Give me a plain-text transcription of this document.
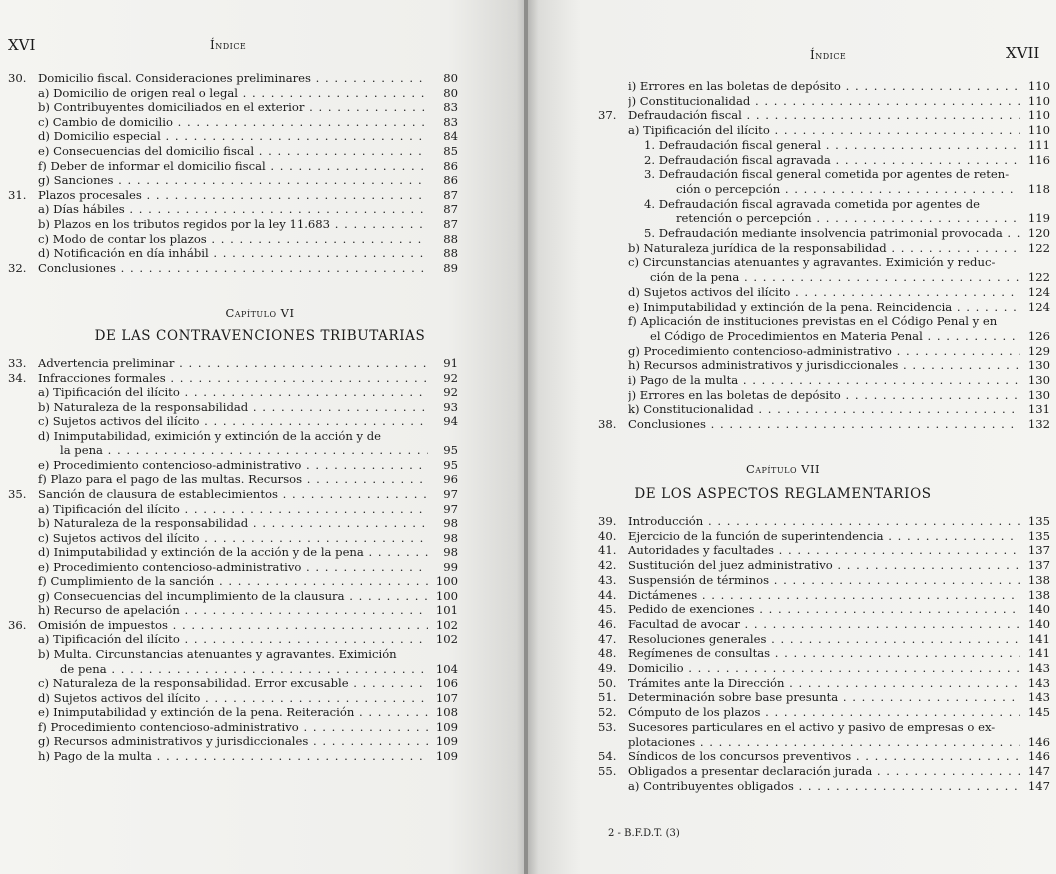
XVI	Índice
30. Domicilio fiscal. Consideraciones preliminares . . .	80
a) Domicilio de origen real o legal . . .	80
b) Contribuyentes domiciliados en el exterior . . .	83
c) Cambio de domicilio . . .	83
d) Domicilio especial . . .	84
e) Consecuencias del domicilio fiscal . . .	85
f) Deber de informar el domicilio fiscal . . .	86
g) Sanciones . . .	86
31. Plazos procesales . . .	87
a) Días hábiles . . .	87
b) Plazos en los tributos regidos por la ley 11.683 . . .	87
c) Modo de contar los plazos . . .	88
d) Notificación en día inhábil . . .	88
32. Conclusiones . . .	89
Capítulo VI
DE LAS CONTRAVENCIONES TRIBUTARIAS
33. Advertencia preliminar . . .	91
34. Infracciones formales . . .	92
a) Tipificación del ilícito . . .	92
b) Naturaleza de la responsabilidad . . .	93
c) Sujetos activos del ilícito . . .	94
d) Inimputabilidad, eximición y extinción de la acción y de
la pena . . .	95
e) Procedimiento contencioso-administrativo . . .	95
f) Plazo para el pago de las multas. Recursos . . .	96
35. Sanción de clausura de establecimientos . . .	97
a) Tipificación del ilícito . . .	97
b) Naturaleza de la responsabilidad . . .	98
c) Sujetos activos del ilícito . . .	98
d) Inimputabilidad y extinción de la acción y de la pena . . .	98
e) Procedimiento contencioso-administrativo . . .	99
f) Cumplimiento de la sanción . . .	100
g) Consecuencias del incumplimiento de la clausura . . .	100
h) Recurso de apelación . . .	101
36. Omisión de impuestos . . .	102
a) Tipificación del ilícito . . .	102
b) Multa. Circunstancias atenuantes y agravantes. Eximición
de pena . . .	104
c) Naturaleza de la responsabilidad. Error excusable . . .	106
d) Sujetos activos del ilícito . . .	107
e) Inimputabilidad y extinción de la pena. Reiteración . . .	108
f) Procedimiento contencioso-administrativo . . .	109
g) Recursos administrativos y jurisdiccionales . . .	109
h) Pago de la multa . . .	109
Índice	XVII
i) Errores en las boletas de depósito . . .	110
j) Constitucionalidad . . .	110
37. Defraudación fiscal . . .	110
a) Tipificación del ilícito . . .	110
1. Defraudación fiscal general . . .	111
2. Defraudación fiscal agravada . . .	116
3. Defraudación fiscal general cometida por agentes de reten-
ción o percepción . . .	118
4. Defraudación fiscal agravada cometida por agentes de
retención o percepción . . .	119
5. Defraudación mediante insolvencia patrimonial provocada . . .	120
b) Naturaleza jurídica de la responsabilidad . . .	122
c) Circunstancias atenuantes y agravantes. Eximición y reduc-
ción de la pena . . .	122
d) Sujetos activos del ilícito . . .	124
e) Inimputabilidad y extinción de la pena. Reincidencia . . .	124
f) Aplicación de instituciones previstas en el Código Penal y en
el Código de Procedimientos en Materia Penal . . .	126
g) Procedimiento contencioso-administrativo . . .	129
h) Recursos administrativos y jurisdiccionales . . .	130
i) Pago de la multa . . .	130
j) Errores en las boletas de depósito . . .	130
k) Constitucionalidad . . .	131
38. Conclusiones . . .	132
Capítulo VII
DE LOS ASPECTOS REGLAMENTARIOS
39. Introducción . . .	135
40. Ejercicio de la función de superintendencia . . .	135
41. Autoridades y facultades . . .	137
42. Sustitución del juez administrativo . . .	137
43. Suspensión de términos . . .	138
44. Dictámenes . . .	138
45. Pedido de exenciones . . .	140
46. Facultad de avocar . . .	140
47. Resoluciones generales . . .	141
48. Regímenes de consultas . . .	141
49. Domicilio . . .	143
50. Trámites ante la Dirección . . .	143
51. Determinación sobre base presunta . . .	143
52. Cómputo de los plazos . . .	145
53. Sucesores particulares en el activo y pasivo de empresas o ex-
plotaciones . . .	146
54. Síndicos de los concursos preventivos . . .	146
55. Obligados a presentar declaración jurada . . .	147
a) Contribuyentes obligados . . .	147
2 - B.F.D.T. (3)
